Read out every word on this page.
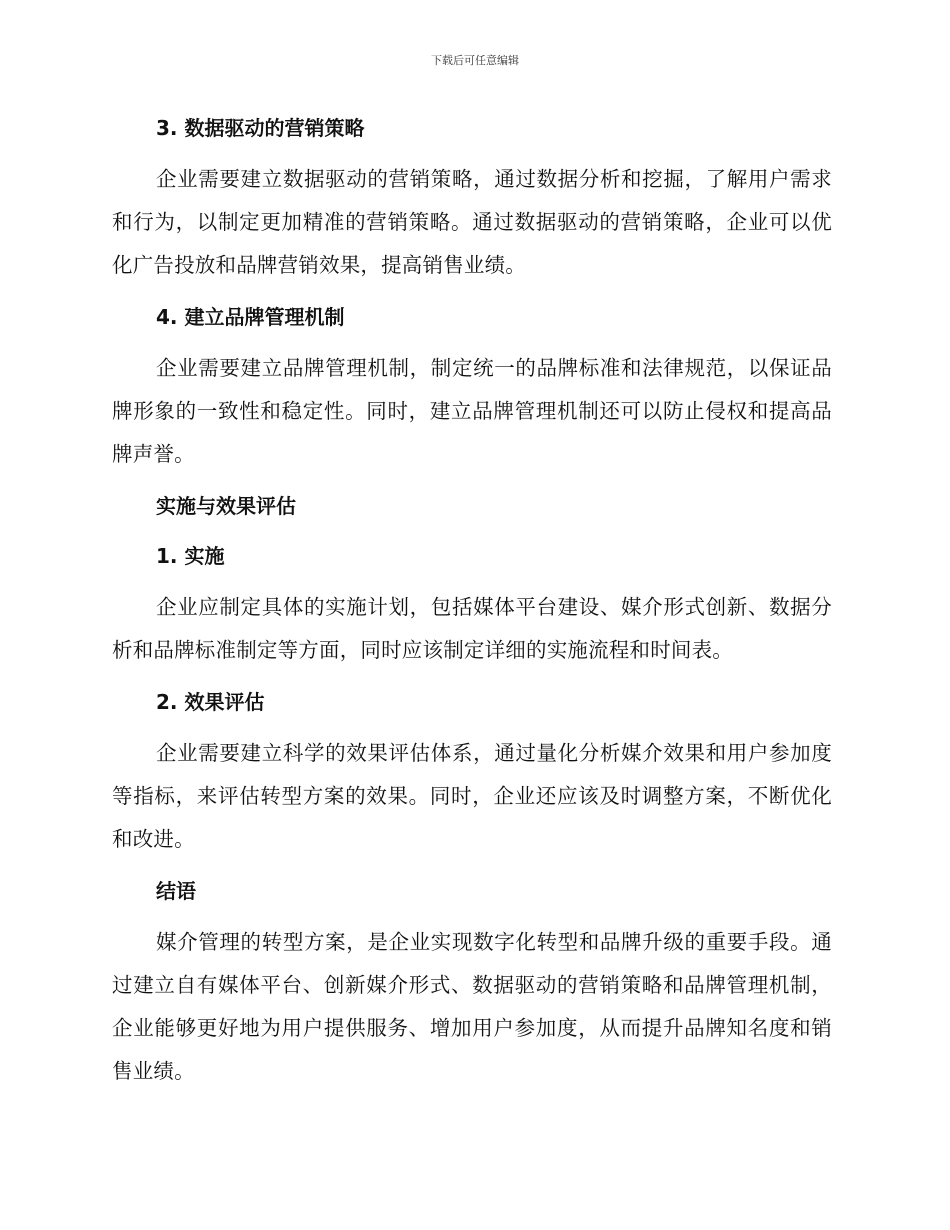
下载后可任意编辑
3. 数据驱动的营销策略

企业需要建立数据驱动的营销策略，通过数据分析和挖掘，了解用户需求和行为，以制定更加精准的营销策略。通过数据驱动的营销策略，企业可以优化广告投放和品牌营销效果，提高销售业绩。

4. 建立品牌管理机制

企业需要建立品牌管理机制，制定统一的品牌标准和法律规范，以保证品牌形象的一致性和稳定性。同时，建立品牌管理机制还可以防止侵权和提高品牌声誉。

实施与效果评估
1. 实施

企业应制定具体的实施计划，包括媒体平台建设、媒介形式创新、数据分析和品牌标准制定等方面，同时应该制定详细的实施流程和时间表。

2. 效果评估

企业需要建立科学的效果评估体系，通过量化分析媒介效果和用户参加度等指标，来评估转型方案的效果。同时，企业还应该及时调整方案，不断优化和改进。

结语

媒介管理的转型方案，是企业实现数字化转型和品牌升级的重要手段。通过建立自有媒体平台、创新媒介形式、数据驱动的营销策略和品牌管理机制，企业能够更好地为用户提供服务、增加用户参加度，从而提升品牌知名度和销售业绩。
